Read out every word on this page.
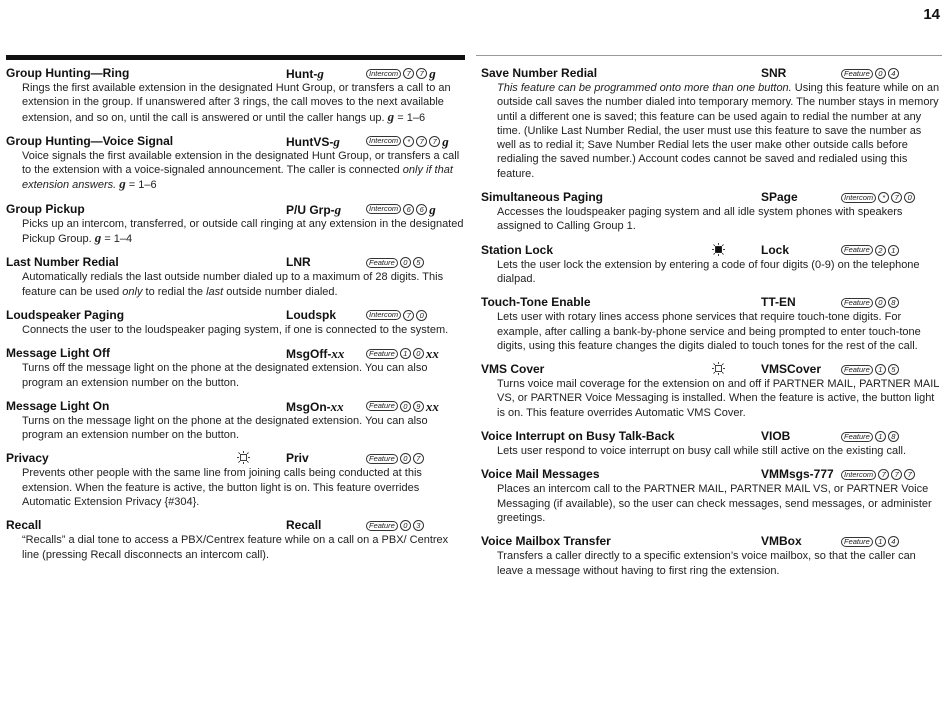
14
Group Hunting—Ring	Hunt-g	Intercom	7	7 g
Rings the first available extension in the designated Hunt Group, or transfers a call to an extension in the group. If unanswered after 3 rings, the call moves to the next available extension, and so on, until the call is answered or until the caller hangs up. g = 1–6
Group Hunting—Voice Signal	HuntVS-g	Intercom	*	7	7 g
Voice signals the first available extension in the designated Hunt Group, or transfers a call to the extension with a voice-signaled announcement. The caller is connected only if that extension answers. g = 1–6
Group Pickup	P/U Grp-g	Intercom	6	6 g
Picks up an intercom, transferred, or outside call ringing at any extension in the designated Pickup Group. g = 1–4
Last Number Redial	LNR	Feature	0	5
Automatically redials the last outside number dialed up to a maximum of 28 digits. This feature can be used only to redial the last outside number dialed.
Loudspeaker Paging	Loudspk	Intercom	7	0
Connects the user to the loudspeaker paging system, if one is connected to the system.
Message Light Off	MsgOff-xx	Feature	1	0 xx
Turns off the message light on the phone at the designated extension. You can also program an extension number on the button.
Message Light On	MsgOn-xx	Feature	0	9 xx
Turns on the message light on the phone at the designated extension. You can also program an extension number on the button.
Privacy	Priv	Feature	0	7
Prevents other people with the same line from joining calls being conducted at this extension. When the feature is active, the button light is on. This feature overrides Automatic Extension Privacy {#304}.
Recall	Recall	Feature	0	3
“Recalls” a dial tone to access a PBX/Centrex feature while on a call on a PBX/ Centrex line (pressing Recall disconnects an intercom call).
Save Number Redial	SNR	Feature	0	4
This feature can be programmed onto more than one button. Using this feature while on an outside call saves the number dialed into temporary memory. The number stays in memory until a different one is saved; this feature can be used again to redial the number at any time. (Unlike Last Number Redial, the user must use this feature to save the number as well as to redial it; Save Number Redial lets the user make other outside calls before redialing the saved number.) Account codes cannot be saved and redialed using this feature.
Simultaneous Paging	SPage	Intercom	*	7	0
Accesses the loudspeaker paging system and all idle system phones with speakers assigned to Calling Group 1.
Station Lock	Lock	Feature	2	1
Lets the user lock the extension by entering a code of four digits (0-9) on the telephone dialpad.
Touch-Tone Enable	TT-EN	Feature	0	8
Lets user with rotary lines access phone services that require touch-tone digits. For example, after calling a bank-by-phone service and being prompted to enter touch-tone digits, using this feature changes the digits dialed to touch tones for the rest of the call.
VMS Cover	VMSCover	Feature	1	5
Turns voice mail coverage for the extension on and off if PARTNER MAIL, PARTNER MAIL VS, or PARTNER Voice Messaging is installed. When the feature is active, the button light is on. This feature overrides Automatic VMS Cover.
Voice Interrupt on Busy Talk-Back	VIOB	Feature	1	8
Lets user respond to voice interrupt on busy call while still active on the existing call.
Voice Mail Messages	VMMsgs-777	Intercom	7	7	7
Places an intercom call to the PARTNER MAIL, PARTNER MAIL VS, or PARTNER Voice Messaging (if available), so the user can check messages, send messages, or administer greetings.
Voice Mailbox Transfer	VMBox	Feature	1	4
Transfers a caller directly to a specific extension’s voice mailbox, so that the caller can leave a message without having to first ring the extension.
